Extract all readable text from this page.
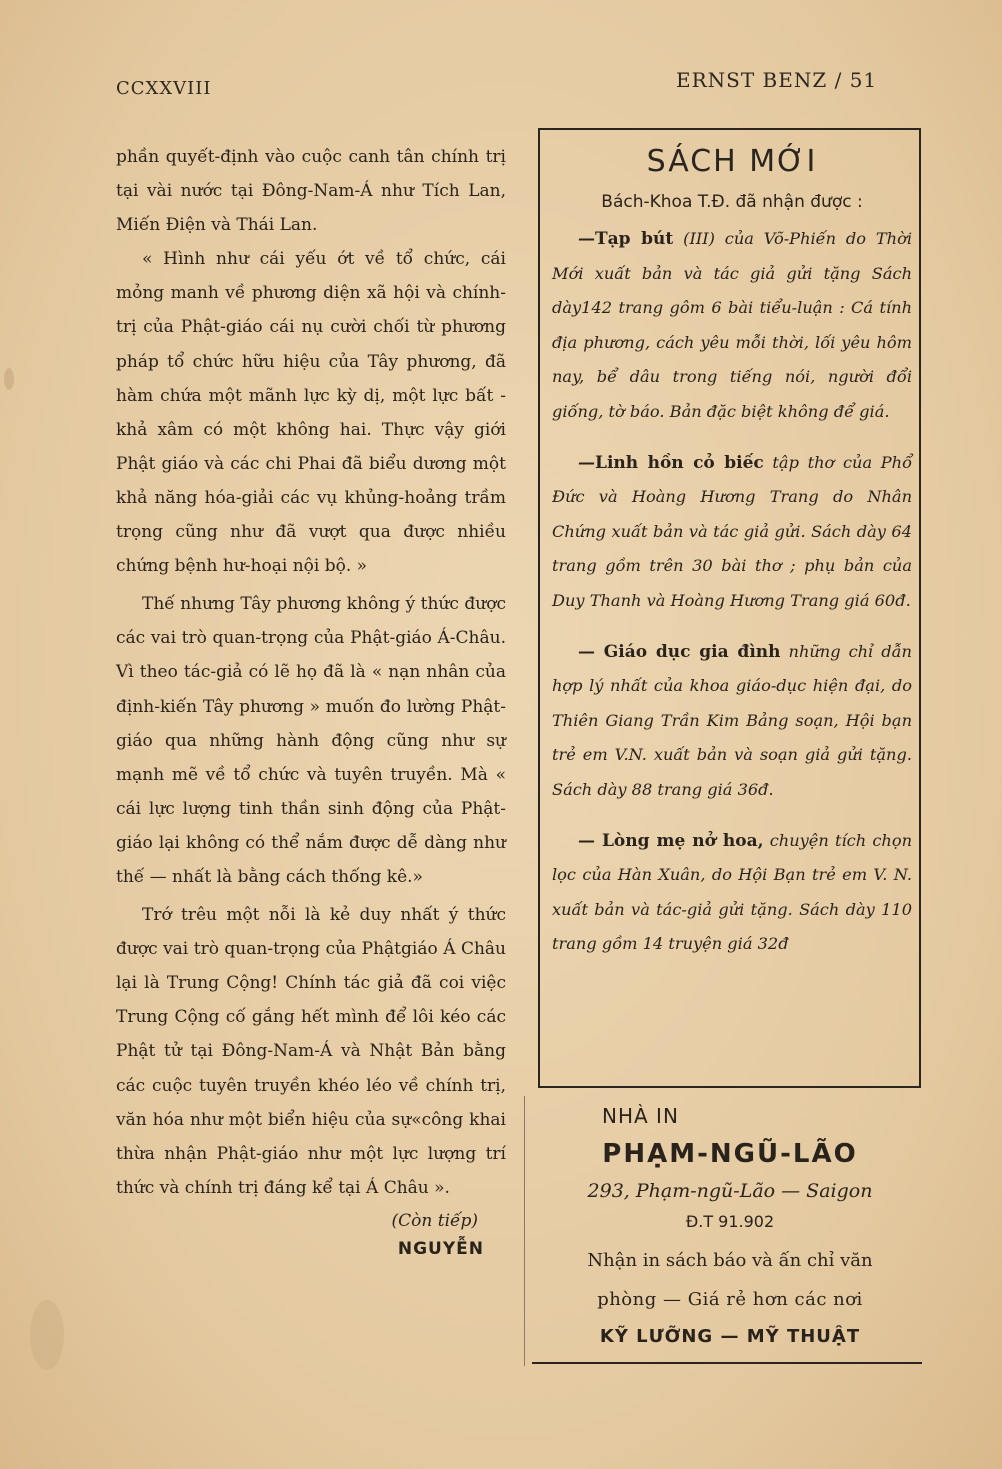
CCXXVIII	ERNST BENZ / 51

phần quyết-định vào cuộc canh tân chính trị tại vài nước tại Đông-Nam-Á như Tích Lan, Miến Điện và Thái Lan.

« Hình như cái yếu ớt về tổ chức, cái mỏng manh về phương diện xã hội và chính-trị của Phật-giáo cái nụ cười chối từ phương pháp tổ chức hữu hiệu của Tây phương, đã hàm chứa một mãnh lực kỳ dị, một lực bất - khả xâm có một không hai. Thực vậy giới Phật giáo và các chi Phai đã biểu dương một khả năng hóa-giải các vụ khủng-hoảng trầm trọng cũng như đã vượt qua được nhiều chứng bệnh hư-hoại nội bộ. »

Thế nhưng Tây phương không ý thức được các vai trò quan-trọng của Phật-giáo Á-Châu. Vì theo tác-giả có lẽ họ đã là « nạn nhân của định-kiến Tây phương » muốn đo lường Phật-giáo qua những hành động cũng như sự mạnh mẽ về tổ chức và tuyên truyền. Mà « cái lực lượng tinh thần sinh động của Phật-giáo lại không có thể nắm được dễ dàng như thế — nhất là bằng cách thống kê.»

Trớ trêu một nỗi là kẻ duy nhất ý thức được vai trò quan-trọng của Phậtgiáo Á Châu lại là Trung Cộng! Chính tác giả đã coi việc Trung Cộng cố gắng hết mình để lôi kéo các Phật tử tại Đông-Nam-Á và Nhật Bản bằng các cuộc tuyên truyền khéo léo về chính trị, văn hóa như một biển hiệu của sự«công khai thừa nhận Phật-giáo như một lực lượng trí thức và chính trị đáng kể tại Á Châu ».

(Còn tiếp)
NGUYỄN

SÁCH MỚI

Bách-Khoa T.Đ. đã nhận được :

—Tạp bút (III) của Võ-Phiến do Thời Mới xuất bản và tác giả gửi tặng Sách dày142 trang gôm 6 bài tiểu-luận : Cá tính địa phương, cách yêu mỗi thời, lối yêu hôm nay, bể dâu trong tiếng nói, người đổi giống, tờ báo. Bản đặc biệt không để giá.

—Linh hồn cỏ biếc tập thơ của Phổ Đức và Hoàng Hương Trang do Nhân Chứng xuất bản và tác giả gửi. Sách dày 64 trang gồm trên 30 bài thơ ; phụ bản của Duy Thanh và Hoàng Hương Trang giá 60đ.

— Giáo dục gia đình những chỉ dẫn hợp lý nhất của khoa giáo-dục hiện đại, do Thiên Giang Trần Kim Bảng soạn, Hội bạn trẻ em V.N. xuất bản và soạn giả gửi tặng. Sách dày 88 trang giá 36đ.

— Lòng mẹ nở hoa, chuyện tích chọn lọc của Hàn Xuân, do Hội Bạn trẻ em V. N. xuất bản và tác-giả gửi tặng. Sách dày 110 trang gồm 14 truyện giá 32đ

NHÀ IN
PHẠM-NGŨ-LÃO
293, Phạm-ngũ-Lão — Saigon
Đ.T 91.902
Nhận in sách báo và ấn chỉ văn
phòng — Giá rẻ hơn các nơi
KỸ LƯỠNG — MỸ THUẬT
